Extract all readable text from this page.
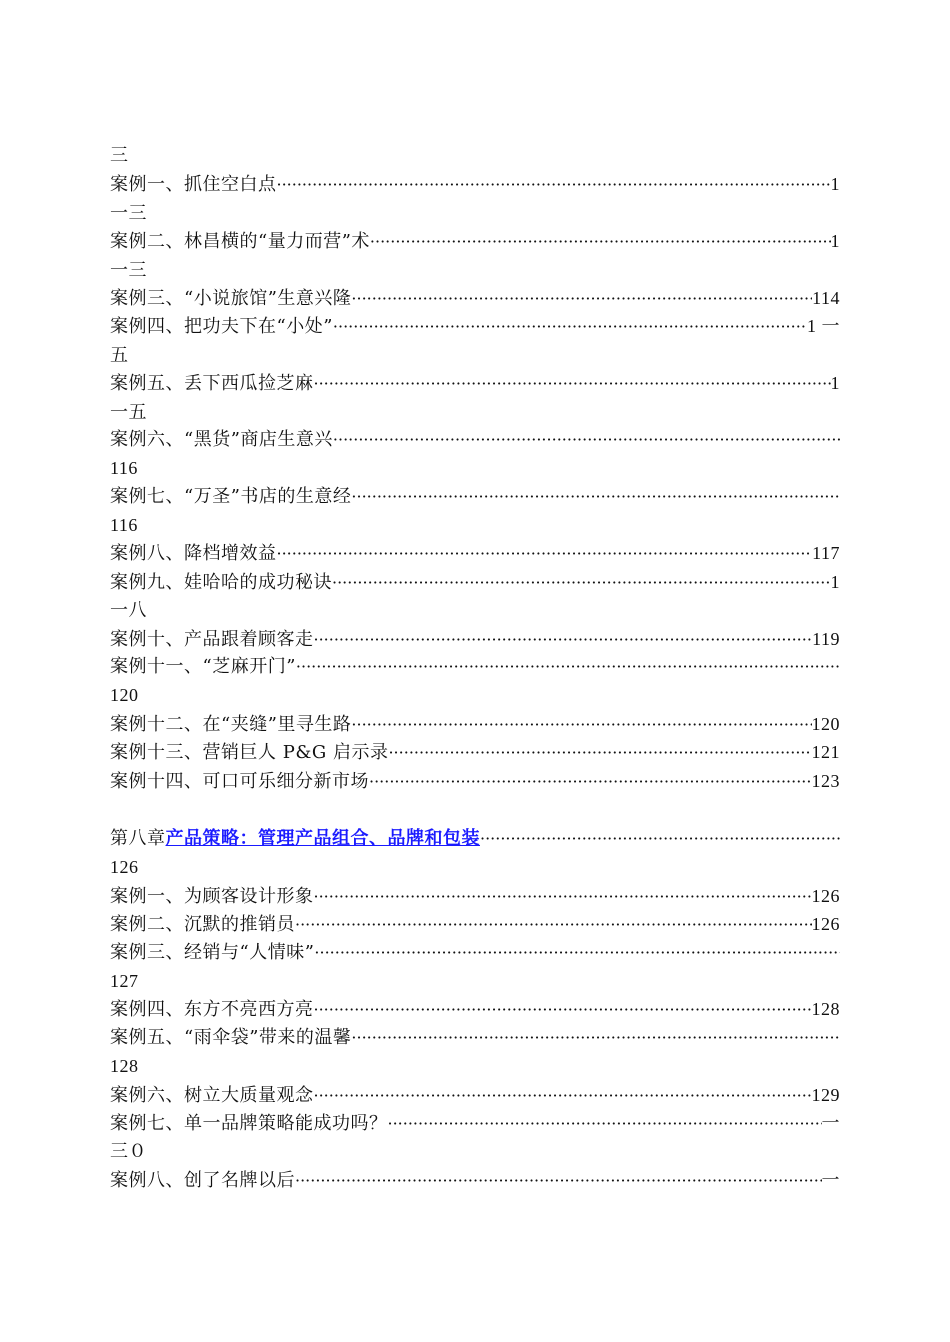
三
案例一、抓住空白点 ·····	1
一三
案例二、林昌横的“量力而营”术 ·····	1
一三
案例三、“小说旅馆”生意兴隆 ·····	114
案例四、把功夫下在“小处” ·····	1 一
五
案例五、丢下西瓜捡芝麻 ·····	1
一五
案例六、“黑货”商店生意兴
·····
116
案例七、“万圣”书店的生意经
·····
116
案例八、降档增效益 ·····	117
案例九、娃哈哈的成功秘诀 ·····	1
一八
案例十、产品跟着顾客走 ·····	119
案例十一、“芝麻开门”
·····
120
案例十二、在“夹缝”里寻生路 ·····	120
案例十三、营销巨人 P&G 启示录 ·····	121
案例十四、可口可乐细分新市场 ·····	123
第八章产品策略：管理产品组合、品牌和包装
·····
126
案例一、为顾客设计形象 ·····	126
案例二、沉默的推销员 ·····	126
案例三、经销与“人情味”
·····
127
案例四、东方不亮西方亮 ·····	128
案例五、“雨伞袋”带来的温馨
·····
128
案例六、树立大质量观念 ·····	129
案例七、单一品牌策略能成功吗？ ·····	一
三０
案例八、创了名牌以后 ·····	一
